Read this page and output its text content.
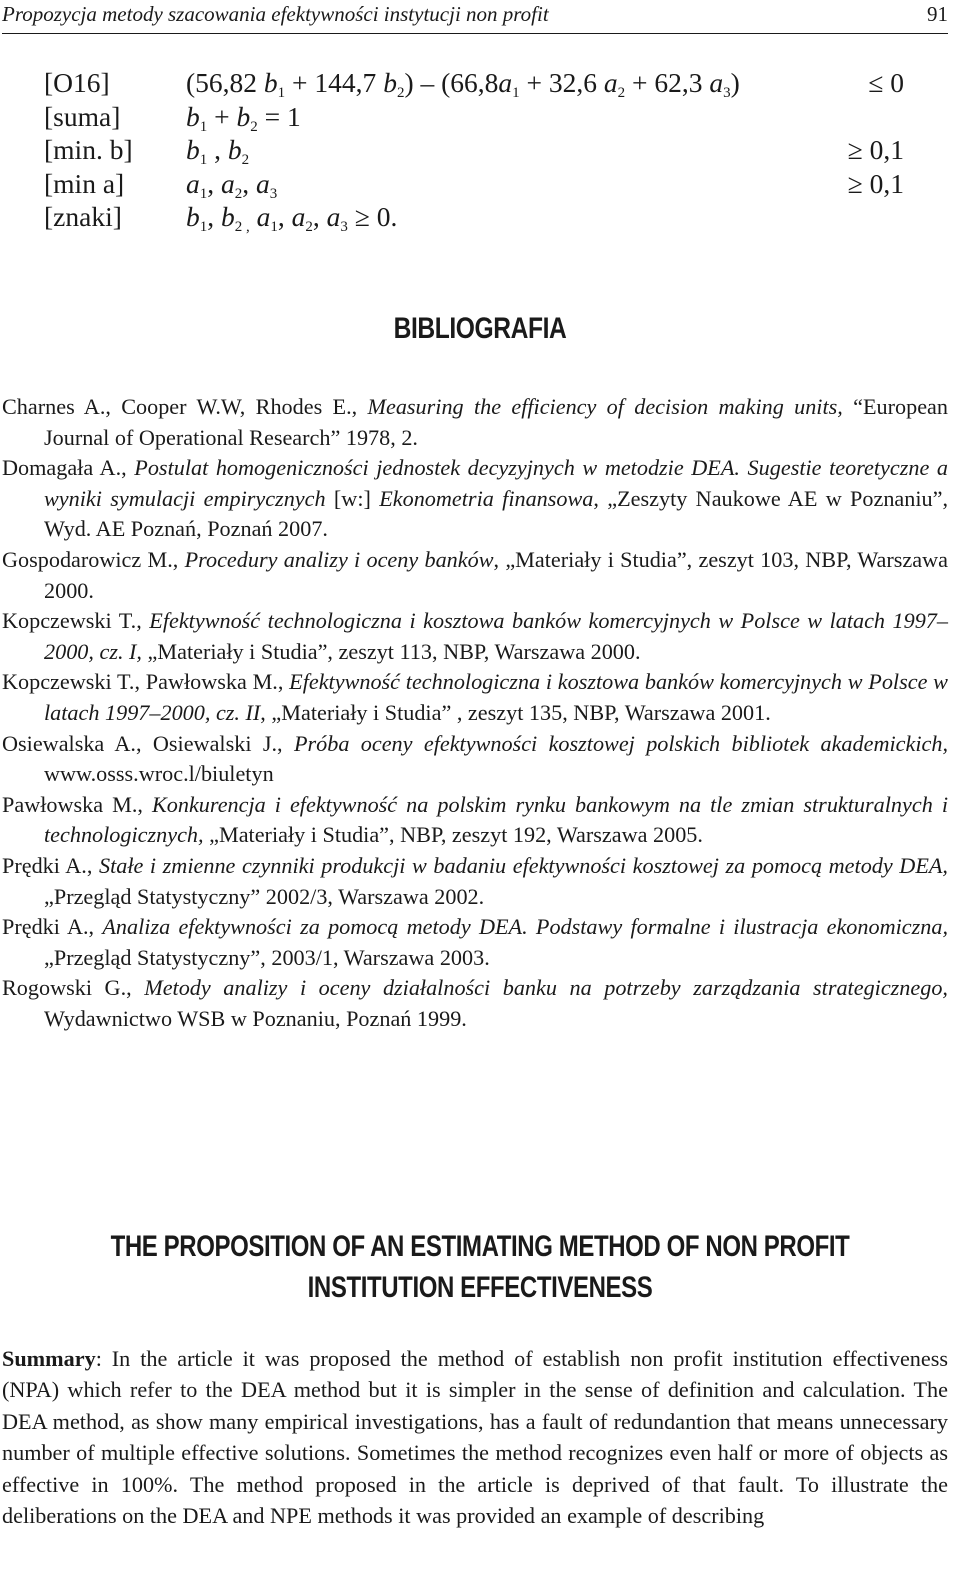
Propozycja metody szacowania efektywności instytucji non profit	91
[O16]	(56,82 $b_1 + 144,7$ $b_2) - (66,8a_1 + 32,6$ $a_2 + 62,3$ $a_3$)	≤ 0
[suma] $b_1 + b_2 = 1$
[min. b] $b_1$ , $b_2$	≥ 0,1
[min a] $a_1$, $a_2$, $a_3$	≥ 0,1
[znaki] $b_1$, $b_{2 ,}$ $a_1$, $a_2$, $a_3 \ge 0$.
BIBLIOGRAFIA

Charnes A., Cooper W.W, Rhodes E., Measuring the efficiency of decision making units, “European Journal of Operational Research” 1978, 2.

Domagała A., Postulat homogeniczności jednostek decyzyjnych w metodzie DEA. Sugestie teoretyczne a wyniki symulacji empirycznych [w:] Ekonometria finansowa, „Zeszyty Naukowe AE w Poznaniu”, Wyd. AE Poznań, Poznań 2007.

Gospodarowicz M., Procedury analizy i oceny banków, „Materiały i Studia”, zeszyt 103, NBP, Warszawa 2000.

Kopczewski T., Efektywność technologiczna i kosztowa banków komercyjnych w Polsce w latach 1997–2000, cz. I, „Materiały i Studia”, zeszyt 113, NBP, Warszawa 2000.

Kopczewski T., Pawłowska M., Efektywność technologiczna i kosztowa banków komercyjnych w Polsce w latach 1997–2000, cz. II, „Materiały i Studia” , zeszyt 135, NBP, Warszawa 2001.

Osiewalska A., Osiewalski J., Próba oceny efektywności kosztowej polskich bibliotek akademickich, www.osss.wroc.l/biuletyn

Pawłowska M., Konkurencja i efektywność na polskim rynku bankowym na tle zmian strukturalnych i technologicznych, „Materiały i Studia”, NBP, zeszyt 192, Warszawa 2005.

Prędki A., Stałe i zmienne czynniki produkcji w badaniu efektywności kosztowej za pomocą metody DEA, „Przegląd Statystyczny” 2002/3, Warszawa 2002.

Prędki A., Analiza efektywności za pomocą metody DEA. Podstawy formalne i ilustracja ekonomiczna, „Przegląd Statystyczny”, 2003/1, Warszawa 2003.

Rogowski G., Metody analizy i oceny działalności banku na potrzeby zarządzania strategicznego, Wydawnictwo WSB w Poznaniu, Poznań 1999.

THE PROPOSITION OF AN ESTIMATING METHOD OF NON PROFIT
INSTITUTION EFFECTIVENESS
Summary: In the article it was proposed the method of establish non profit institution effectiveness (NPA) which refer to the DEA method but it is simpler in the sense of definition and calculation. The DEA method, as show many empirical investigations, has a fault of redundantion that means unnecessary number of multiple effective solutions. Sometimes the method recognizes even half or more of objects as effective in 100%. The method proposed in the article is deprived of that fault. To illustrate the deliberations on the DEA and NPE methods it was provided an example of describing
